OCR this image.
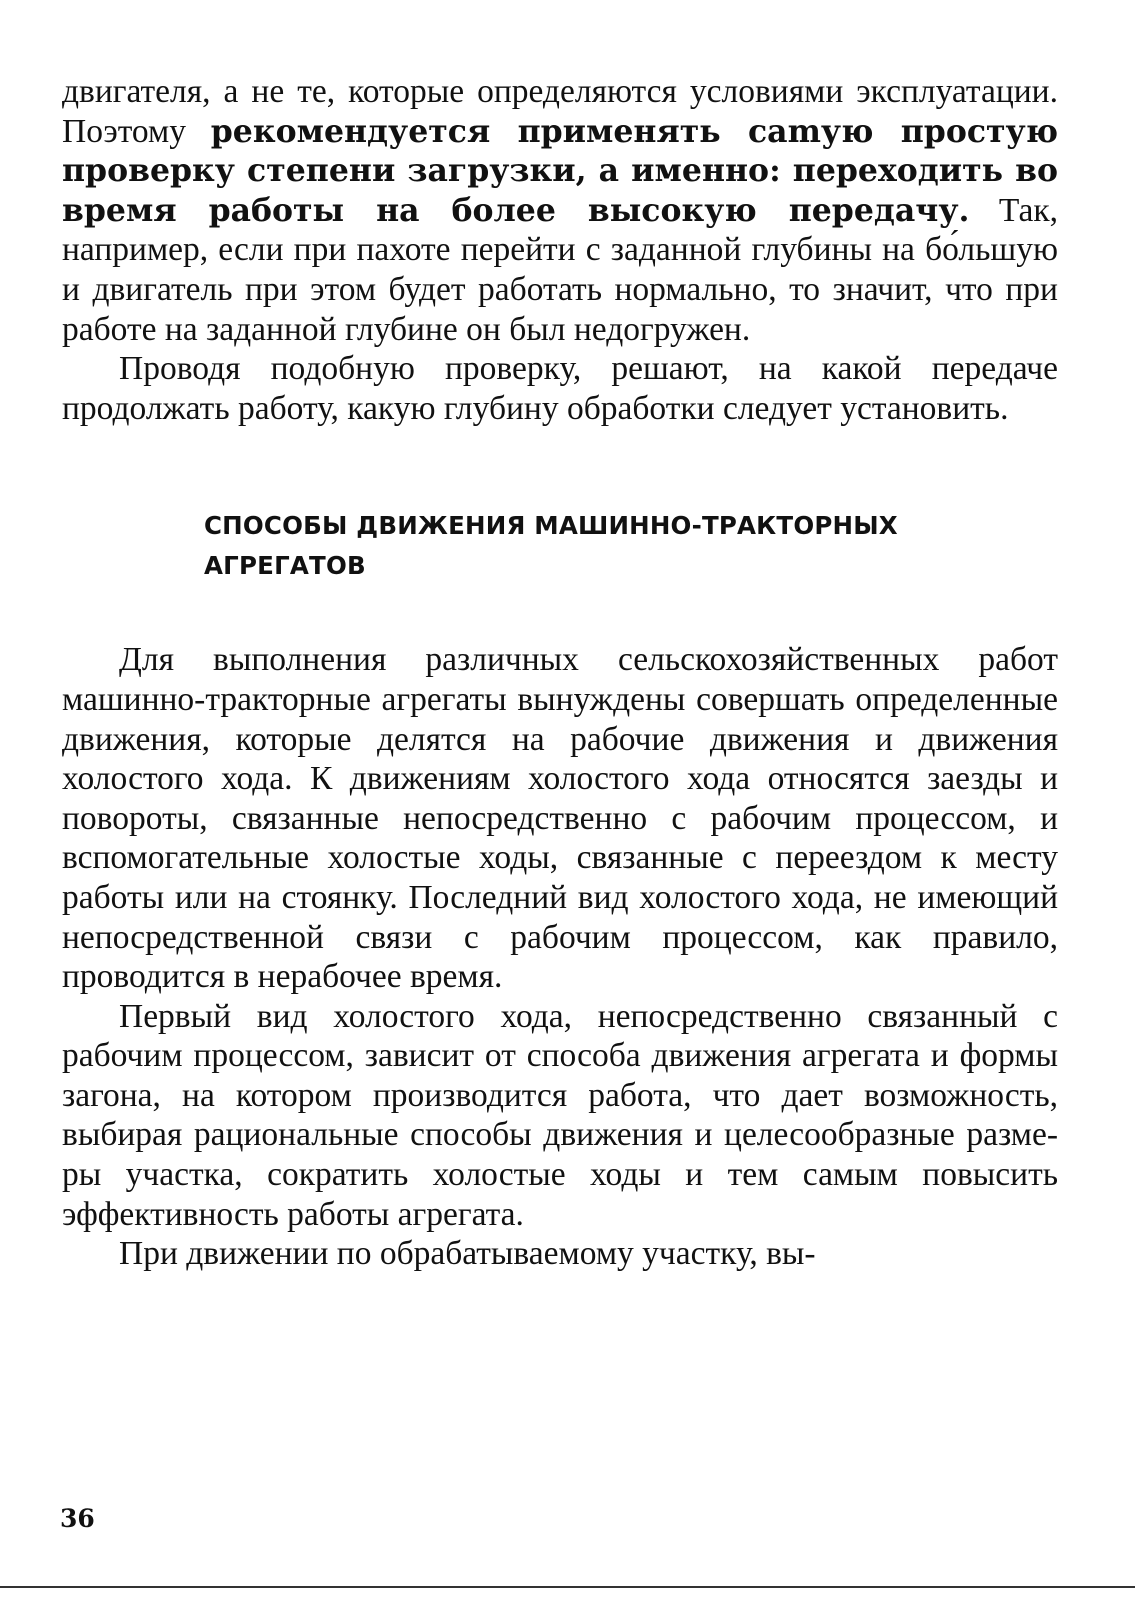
двигателя, а не те, которые определяются условиями эксплуатации. Поэтому рекомендуется применять саmую простую проверку степени загрузки, а именно: переходить во время работы на более высокую передачу. Так, например, если при пахоте перейти с заданной глубины на бо́льшую и двигатель при этом будет работать нормально, то значит, что при работе на заданной глубине он был недогружен.

Проводя подобную проверку, решают, на какой передаче продолжать работу, какую глубину обработки следует установить.

СПОСОБЫ ДВИЖЕНИЯ МАШИННО-ТРАКТОРНЫХ
АГРЕГАТОВ

Для выполнения различных сельскохозяйственных работ машинно-тракторные агрегаты вынуждены совершать определенные движения, которые делятся на рабочие движения и движения холостого хода. К движениям холостого хода относятся заезды и повороты, связанные непосредственно с рабочим процессом, и вспомогательные холостые ходы, связанные с переездом к месту работы или на стоянку. Последний вид холостого хода, не имеющий непосредственной связи с рабочим процессом, как правило, проводится в нерабочее время.

Первый вид холостого хода, непосредственно связанный с рабочим процессом, зависит от способа движения агрегата и формы загона, на котором производится работа, что дает возможность, выбирая рациональные способы движения и целесообразные размеры участка, сократить холостые ходы и тем самым повысить эффективность работы агрегата.

При движении по обрабатываемому участку, вы-

36
